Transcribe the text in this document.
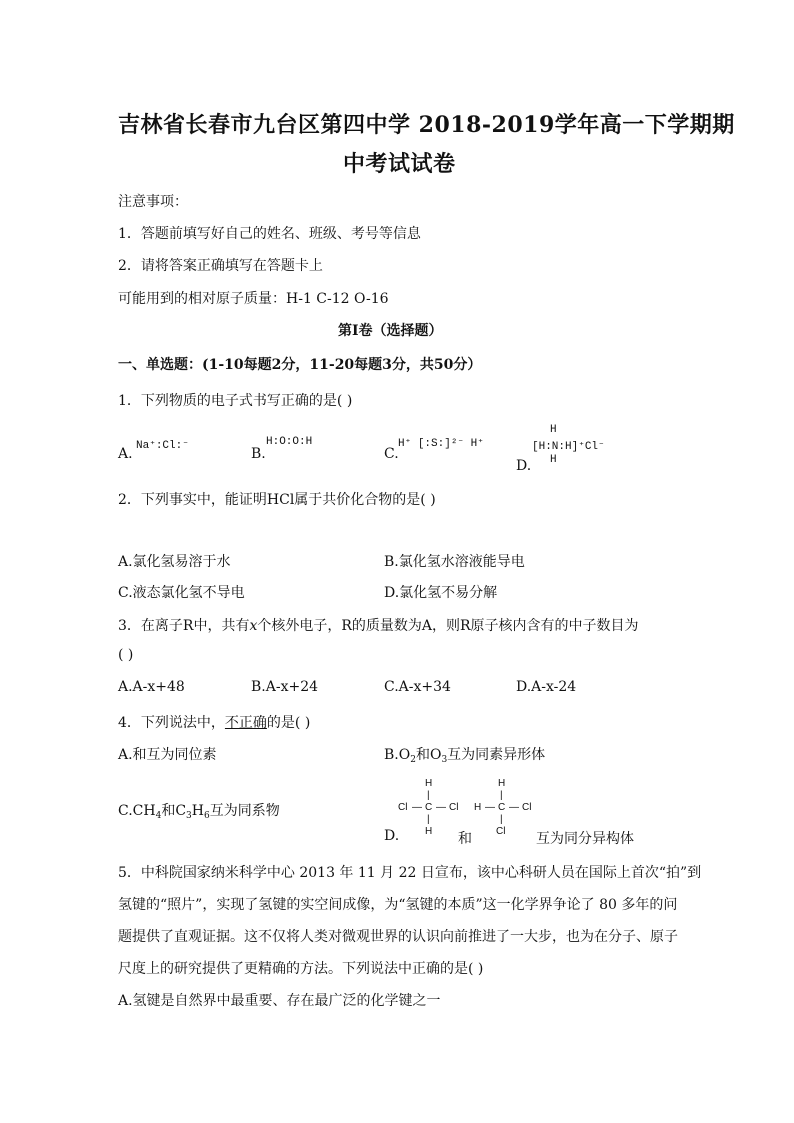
吉林省长春市九台区第四中学 2018-2019学年高一下学期期
中考试试卷
注意事项：
1．答题前填写好自己的姓名、班级、考号等信息
2．请将答案正确填写在答题卡上
可能用到的相对原子质量：H-1 C-12 O-16
第Ⅰ卷（选择题）
一、单选题：(1-10每题2分，11-20每题3分，共50分）
1．下列物质的电子式书写正确的是( )
A. Na⁺:Cl:⁻	B.
H:O:O:H
C.
H⁺ [:S:]²⁻ H⁺
H
[H:N:H]⁺Cl⁻
H
D.
2．下列事实中，能证明HCl属于共价化合物的是( )
A.氯化氢易溶于水	B.氯化氢水溶液能导电
C.液态氯化氢不导电	D.氯化氢不易分解
3．在离子R中，共有x个核外电子，R的质量数为A，则R原子核内含有的中子数目为
( )
A.A-x+48	B.A-x+24	C.A-x+34	D.A-x-24
4．下列说法中，不正确的是( )
A.和互为同位素	$B.O_2$和$O_3$互为同素异形体
$C.CH_4$和$C_3H_6$互为同系物
H
|
Cl — C — Cl
|
H
H
|
H — C — Cl
|
Cl
D.	和	互为同分异构体
5．中科院国家纳米科学中心 2013 年 11 月 22 日宣布，该中心科研人员在国际上首次“拍”到
氢键的“照片”，实现了氢键的实空间成像，为“氢键的本质”这一化学界争论了 80 多年的问
题提供了直观证据。这不仅将人类对微观世界的认识向前推进了一大步，也为在分子、原子
尺度上的研究提供了更精确的方法。下列说法中正确的是( )
A.氢键是自然界中最重要、存在最广泛的化学键之一
